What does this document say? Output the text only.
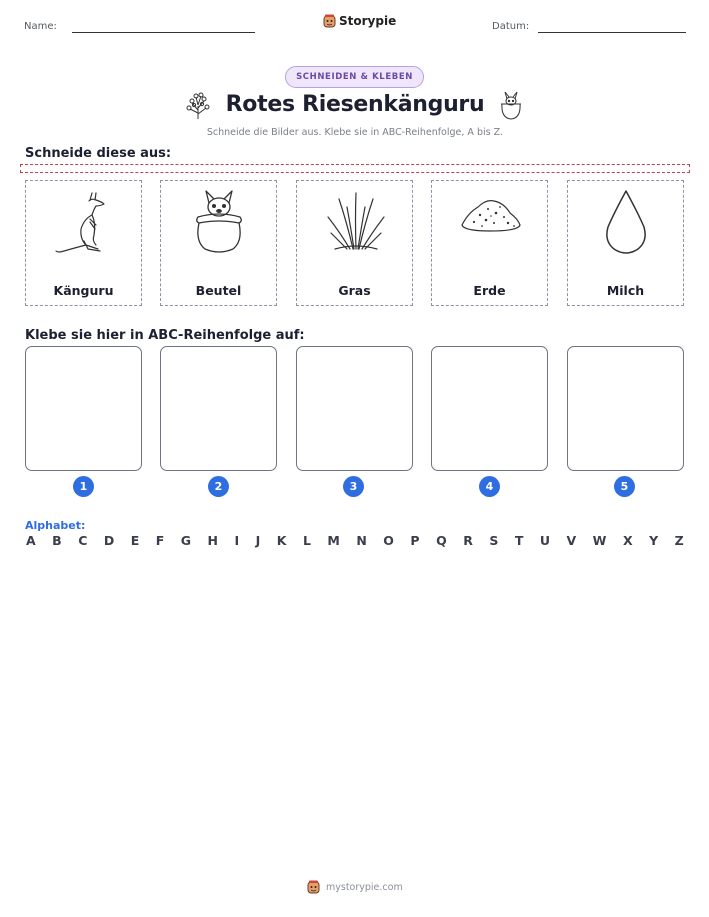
Name:	Storypie	Datum:
SCHNEIDEN & KLEBEN
Rotes Riesenkänguru
Schneide die Bilder aus. Klebe sie in ABC-Reihenfolge, A bis Z.
Schneide diese aus:
Känguru	Beutel	Gras	Erde	Milch
Klebe sie hier in ABC-Reihenfolge auf:
1	2	3	4	5
Alphabet:
A B C D E F G H I J K L M N O P Q R S T U V W X Y Z
mystorypie.com
